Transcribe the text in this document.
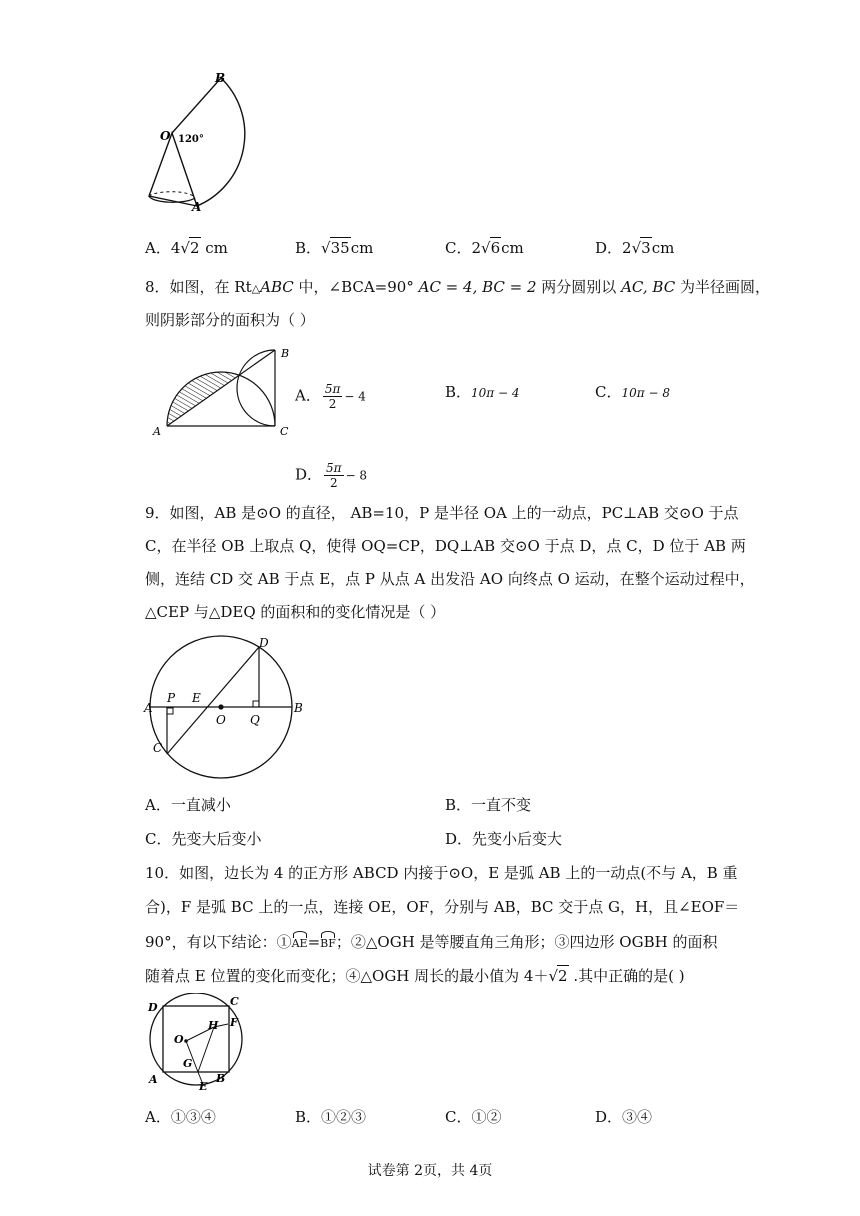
B
O 120°
A
A．4√2 cm	B．√35cm	C．2√6cm	D．2√3cm
8．如图，在 Rt△ABC 中，∠BCA=90° AC = 4, BC = 2 两分圆别以 AC, BC 为半径画圆，
则阴影部分的面积为（ ）
A
B
C
A． $\frac{5\pi}{2} - 4$	B．10π − 4	C．10π − 8
D． $\frac{5\pi}{2} - 8$
9．如图，AB 是⊙O 的直径， AB=10，P 是半径 OA 上的一动点，PC⊥AB 交⊙O 于点
C，在半径 OB 上取点 Q，使得 OQ=CP，DQ⊥AB 交⊙O 于点 D，点 C，D 位于 AB 两
侧，连结 CD 交 AB 于点 E，点 P 从点 A 出发沿 AO 向终点 O 运动，在整个运动过程中，
△CEP 与△DEQ 的面积和的变化情况是（ ）
A	B
C
D
P E
O Q
A．一直减小	B．一直不变
C．先变大后变小	D．先变小后变大
10．如图，边长为 4 的正方形 ABCD 内接于⊙O，E 是弧 AB 上的一动点(不与 A，B 重
合)，F 是弧 BC 上的一点，连接 OE，OF，分别与 AB，BC 交于点 G，H，且∠EOF＝
90°，有以下结论：①AE=BF；②△OGH 是等腰直角三角形；③四边形 OGBH 的面积
随着点 E 位置的变化而变化；④△OGH 周长的最小值为 4＋√2 .其中正确的是( )
D	C
A	B
O
H F
G
E
A．①③④	B．①②③	C．①②	D．③④
试卷第 2页，共 4页
